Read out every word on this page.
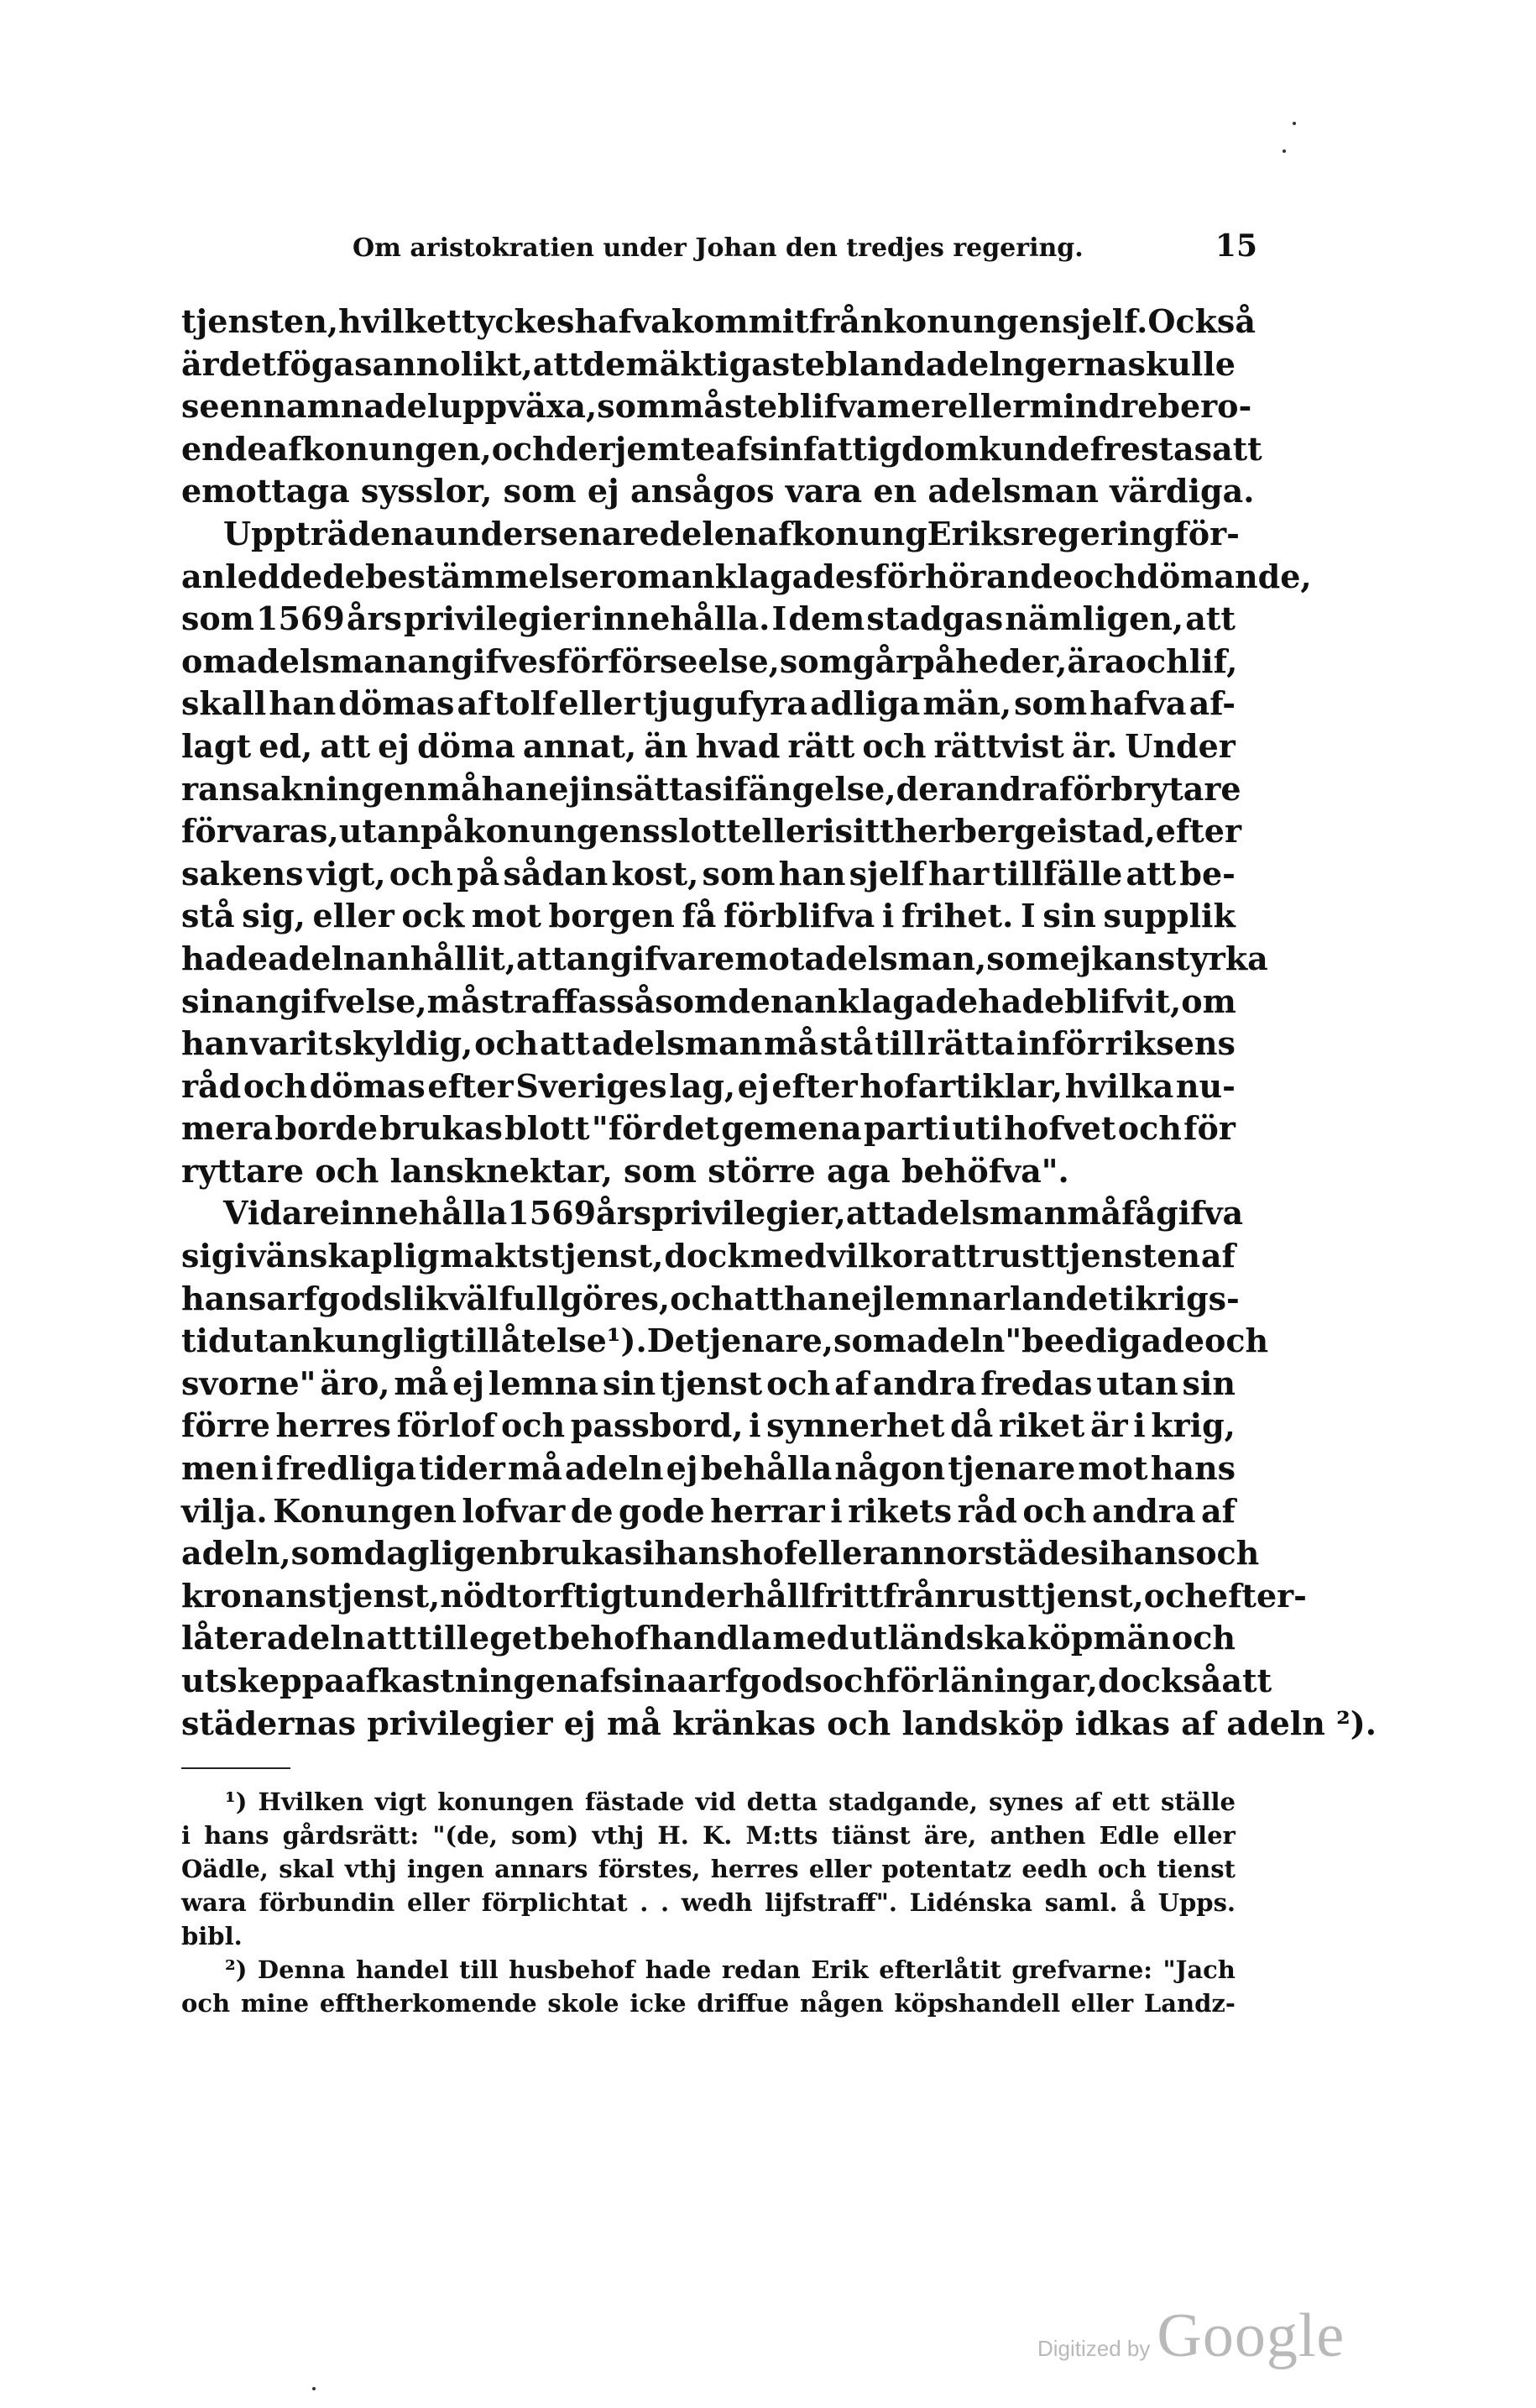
Om aristokratien under Johan den tredjes regering.	15
tjensten, hvilket tyckes hafva kommit från konungen sjelf. Också
är det föga sannolikt, att de mäktigaste bland adeln gerna skulle
se en namnadel uppväxa, som måste blifva mer eller mindre bero-
ende af konungen, och derjemte af sin fattigdom kunde frestas att
emottaga sysslor, som ej ansågos vara en adelsman värdiga.
Uppträdena under senare delen af konung Eriks regering för-
anledde de bestämmelser om anklagades förhörande och dömande,
som 1569 års privilegier innehålla. I dem stadgas nämligen, att
om adelsman angifves för förseelse, som går på heder, ära och lif,
skall han dömas af tolf eller tjugufyra adliga män, som hafva af-
lagt ed, att ej döma annat, än hvad rätt och rättvist är. Under
ransakningen må han ej insättas i fängelse, der andra förbrytare
förvaras, utan på konungens slott eller i sitt herberge i stad, efter
sakens vigt, och på sådan kost, som han sjelf har tillfälle att be-
stå sig, eller ock mot borgen få förblifva i frihet. I sin supplik
hade adeln anhållit, att angifvare mot adelsman, som ej kan styrka
sin angifvelse, må straffas såsom den anklagade hade blifvit, om
han varit skyldig, och att adelsman må stå till rätta inför riksens
råd och dömas efter Sveriges lag, ej efter hofartiklar, hvilka nu-
mera borde brukas blott "för det gemena parti uti hofvet och för
ryttare och lansknektar, som större aga behöfva".
Vidare innehålla 1569 års privilegier, att adelsman må få gifva
sig i vänskaplig makts tjenst, dock med vilkor att rusttjensten af
hans arfgods likväl fullgöres, och att han ej lemnar landet i krigs-
tid utan kunglig tillåtelse ¹). De tjenare, som adeln "beedigade och
svorne" äro, må ej lemna sin tjenst och af andra fredas utan sin
förre herres förlof och passbord, i synnerhet då riket är i krig,
men i fredliga tider må adeln ej behålla någon tjenare mot hans
vilja. Konungen lofvar de gode herrar i rikets råd och andra af
adeln, som dagligen brukas i hans hof eller annorstädes i hans och
kronans tjenst, nödtorftigt underhåll fritt från rusttjenst, och efter-
låter adeln att till eget behof handla med utländska köpmän och
utskeppa afkastningen af sina arfgods och förläningar, dock så att
städernas privilegier ej må kränkas och landsköp idkas af adeln ²).
¹) Hvilken vigt konungen fästade vid detta stadgande, synes af ett ställe
i hans gårdsrätt: "(de, som) vthj H. K. M:tts tiänst äre, anthen Edle eller
Oädle, skal vthj ingen annars förstes, herres eller potentatz eedh och tienst
wara förbundin eller förplichtat . . wedh lijfstraff". Lidénska saml. å Upps.
bibl.
²) Denna handel till husbehof hade redan Erik efterlåtit grefvarne: "Jach
och mine efftherkomende skole icke driffue någen köpshandell eller Landz-
Digitized by Google
